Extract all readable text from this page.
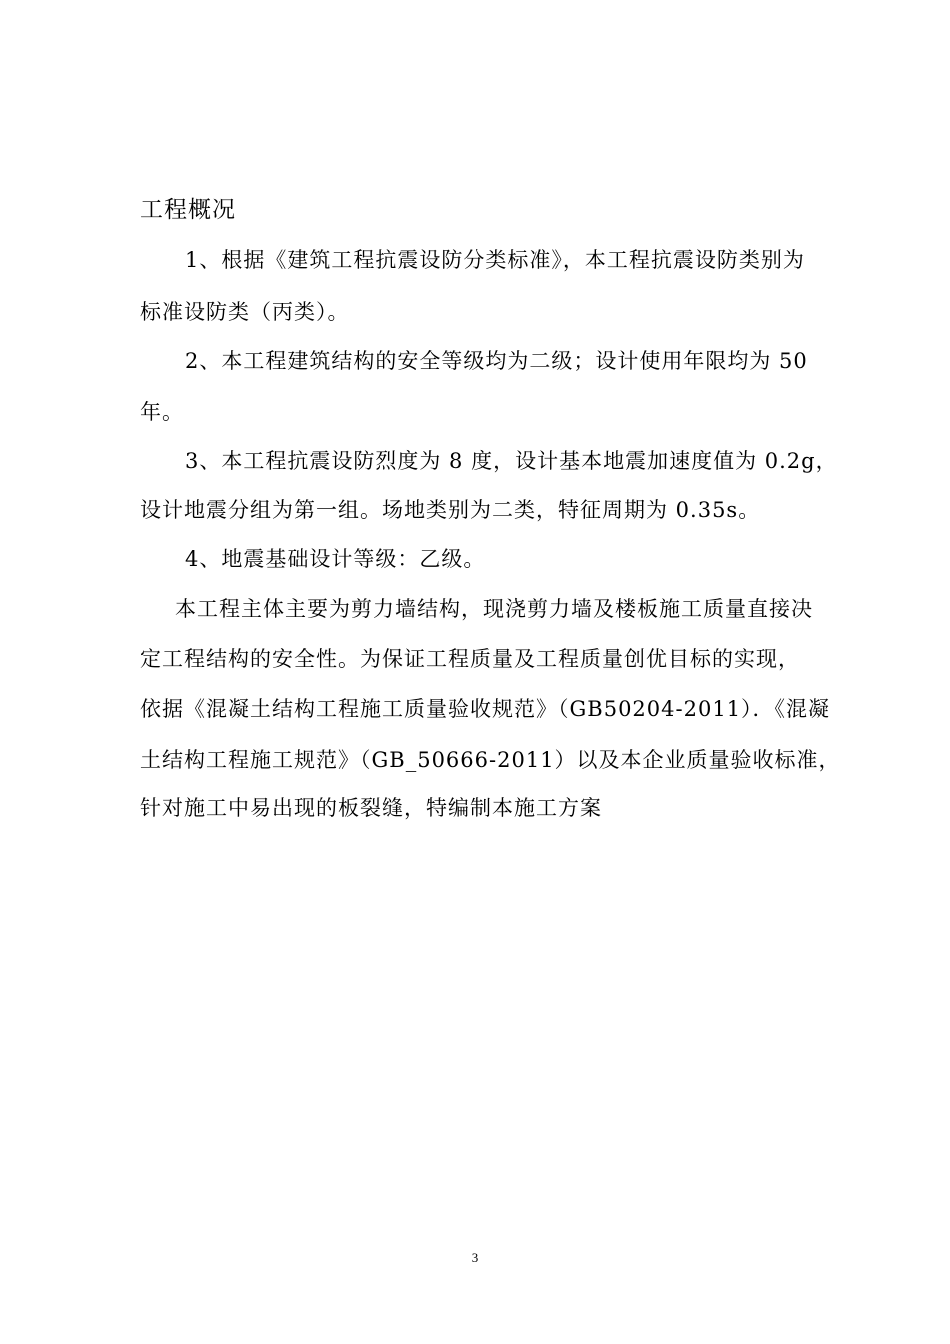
工程概况
1、根据《建筑工程抗震设防分类标准》，本工程抗震设防类别为
标准设防类（丙类）。
2、本工程建筑结构的安全等级均为二级；设计使用年限均为 50
年。
3、本工程抗震设防烈度为 8 度，设计基本地震加速度值为 0.2g，
设计地震分组为第一组。场地类别为二类，特征周期为 0.35s。
4、地震基础设计等级：乙级。
本工程主体主要为剪力墙结构，现浇剪力墙及楼板施工质量直接决
定工程结构的安全性。为保证工程质量及工程质量创优目标的实现，
依据《混凝土结构工程施工质量验收规范》（GB50204-2011）．《混凝
土结构工程施工规范》（GB_50666-2011）以及本企业质量验收标准，
针对施工中易出现的板裂缝，特编制本施工方案
3
